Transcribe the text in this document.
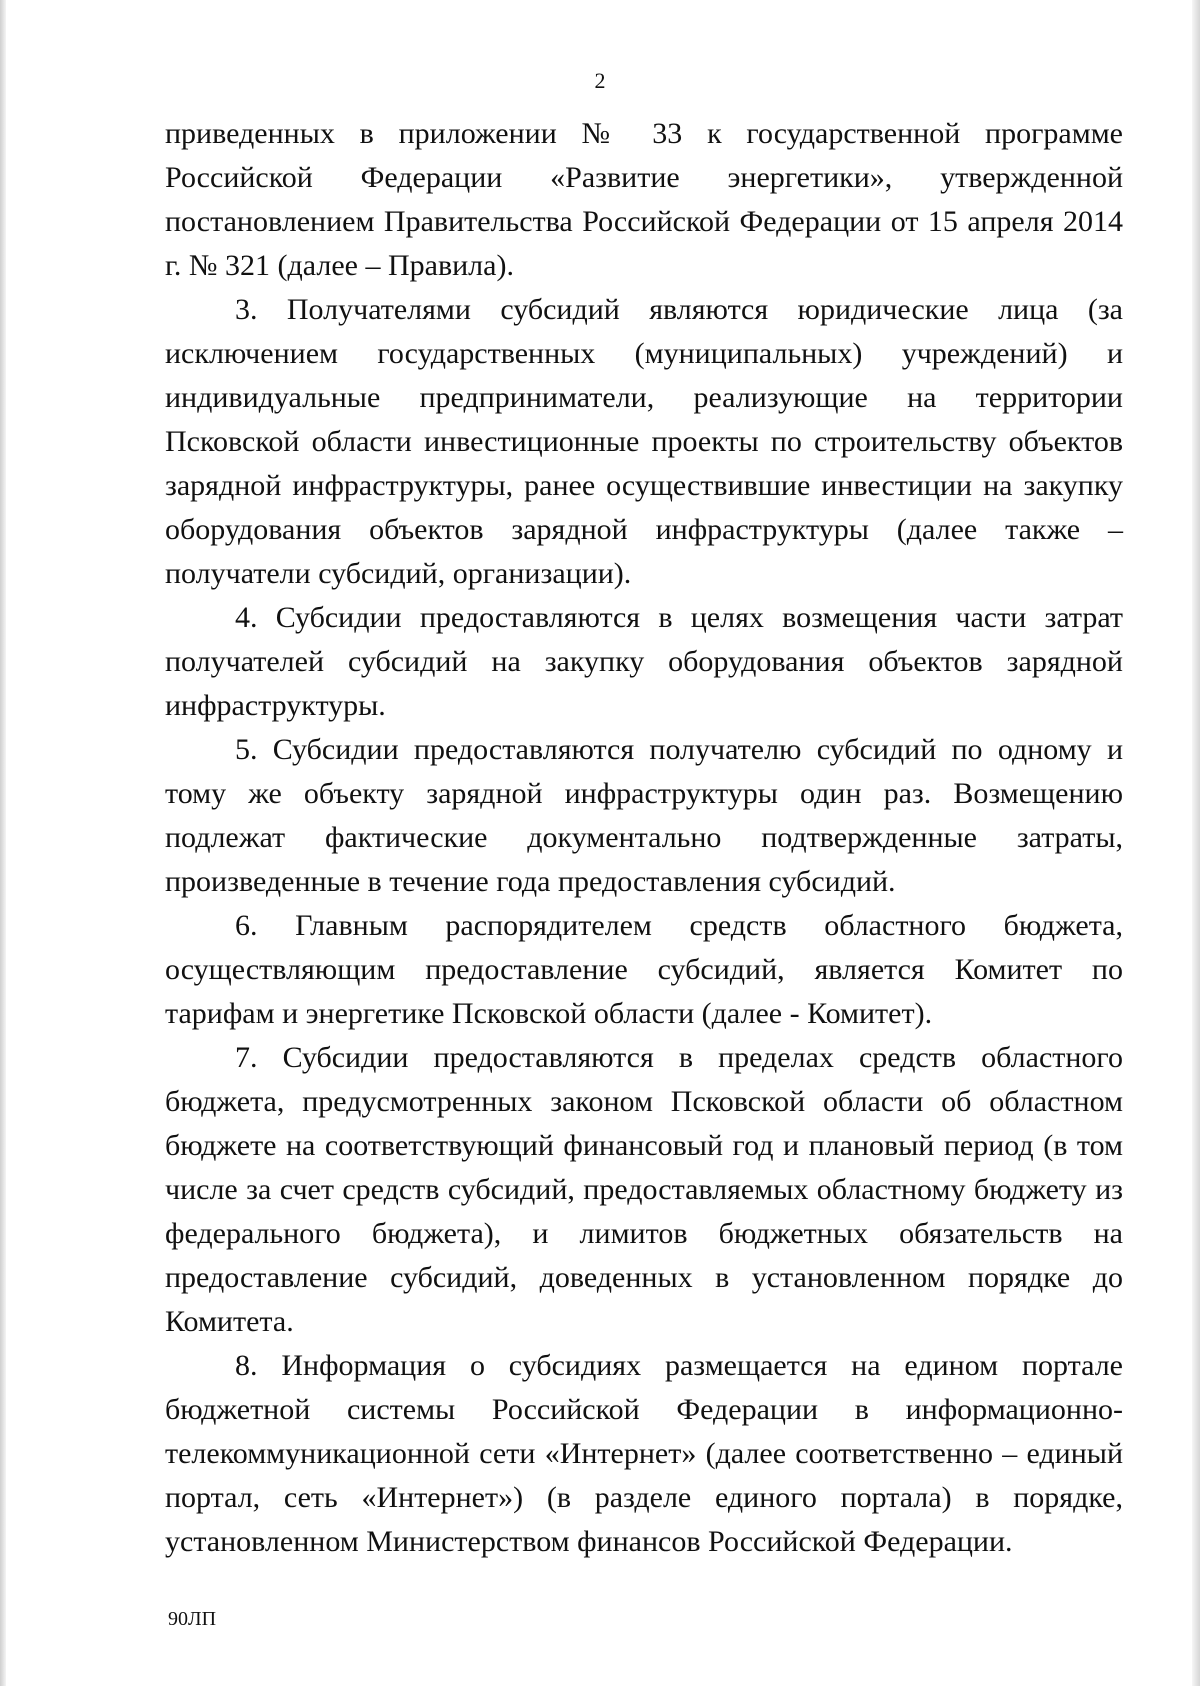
2

приведенных в приложении № 33 к государственной программе Российской Федерации «Развитие энергетики», утвержденной постановлением Правительства Российской Федерации от 15 апреля 2014 г. № 321 (далее – Правила).

3. Получателями субсидий являются юридические лица (за исключением государственных (муниципальных) учреждений) и индивидуальные предприниматели, реализующие на территории Псковской области инвестиционные проекты по строительству объектов зарядной инфраструктуры, ранее осуществившие инвестиции на закупку оборудования объектов зарядной инфраструктуры (далее также – получатели субсидий, организации).

4. Субсидии предоставляются в целях возмещения части затрат получателей субсидий на закупку оборудования объектов зарядной инфраструктуры.

5. Субсидии предоставляются получателю субсидий по одному и тому же объекту зарядной инфраструктуры один раз. Возмещению подлежат фактические документально подтвержденные затраты, произведенные в течение года предоставления субсидий.

6. Главным распорядителем средств областного бюджета, осуществляющим предоставление субсидий, является Комитет по тарифам и энергетике Псковской области (далее - Комитет).

7. Субсидии предоставляются в пределах средств областного бюджета, предусмотренных законом Псковской области об областном бюджете на соответствующий финансовый год и плановый период (в том числе за счет средств субсидий, предоставляемых областному бюджету из федерального бюджета), и лимитов бюджетных обязательств на предоставление субсидий, доведенных в установленном порядке до Комитета.

8. Информация о субсидиях размещается на едином портале бюджетной системы Российской Федерации в информационно-телекоммуникационной сети «Интернет» (далее соответственно – единый портал, сеть «Интернет») (в разделе единого портала) в порядке, установленном Министерством финансов Российской Федерации.

90ЛП
